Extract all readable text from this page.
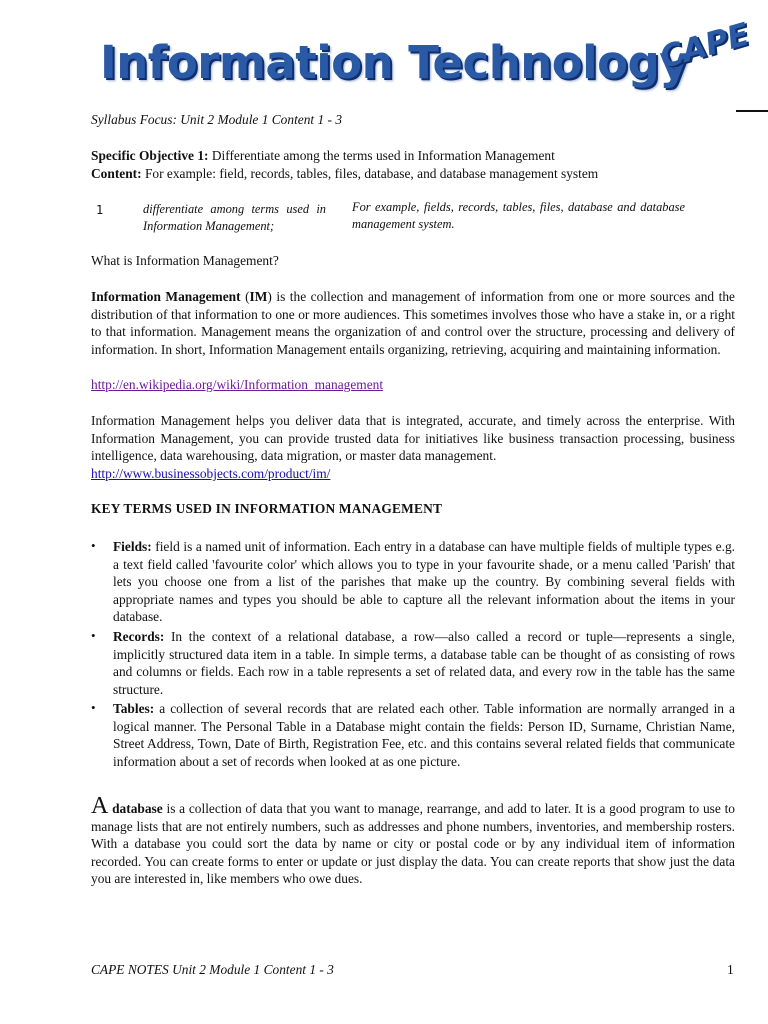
Information Technology
CAPE
Syllabus Focus: Unit 2 Module 1 Content 1 - 3
Specific Objective 1: Differentiate among the terms used in Information Management
Content: For example: field, records, tables, files, database, and database management system
1	differentiate among terms used in Information Management;
For example, fields, records, tables, files, database and database management system.
What is Information Management?
Information Management (IM) is the collection and management of information from one or more sources and the distribution of that information to one or more audiences. This sometimes involves those who have a stake in, or a right to that information. Management means the organization of and control over the structure, processing and delivery of information. In short, Information Management entails organizing, retrieving, acquiring and maintaining information.
http://en.wikipedia.org/wiki/Information_management
Information Management helps you deliver data that is integrated, accurate, and timely across the enterprise. With Information Management, you can provide trusted data for initiatives like business transaction processing, business intelligence, data warehousing, data migration, or master data management.
http://www.businessobjects.com/product/im/
KEY TERMS USED IN INFORMATION MANAGEMENT
• Fields: field is a named unit of information. Each entry in a database can have multiple fields of multiple types e.g. a text field called 'favourite color' which allows you to type in your favourite shade, or a menu called 'Parish' that lets you choose one from a list of the parishes that make up the country. By combining several fields with appropriate names and types you should be able to capture all the relevant information about the items in your database.
• Records: In the context of a relational database, a row—also called a record or tuple—represents a single, implicitly structured data item in a table. In simple terms, a database table can be thought of as consisting of rows and columns or fields. Each row in a table represents a set of related data, and every row in the table has the same structure.
• Tables: a collection of several records that are related each other. Table information are normally arranged in a logical manner. The Personal Table in a Database might contain the fields: Person ID, Surname, Christian Name, Street Address, Town, Date of Birth, Registration Fee, etc. and this contains several related fields that communicate information about a set of records when looked at as one picture.
A database is a collection of data that you want to manage, rearrange, and add to later. It is a good program to use to manage lists that are not entirely numbers, such as addresses and phone numbers, inventories, and membership rosters. With a database you could sort the data by name or city or postal code or by any individual item of information recorded. You can create forms to enter or update or just display the data. You can create reports that show just the data you are interested in, like members who owe dues.
CAPE NOTES Unit 2 Module 1 Content 1 - 3	1
